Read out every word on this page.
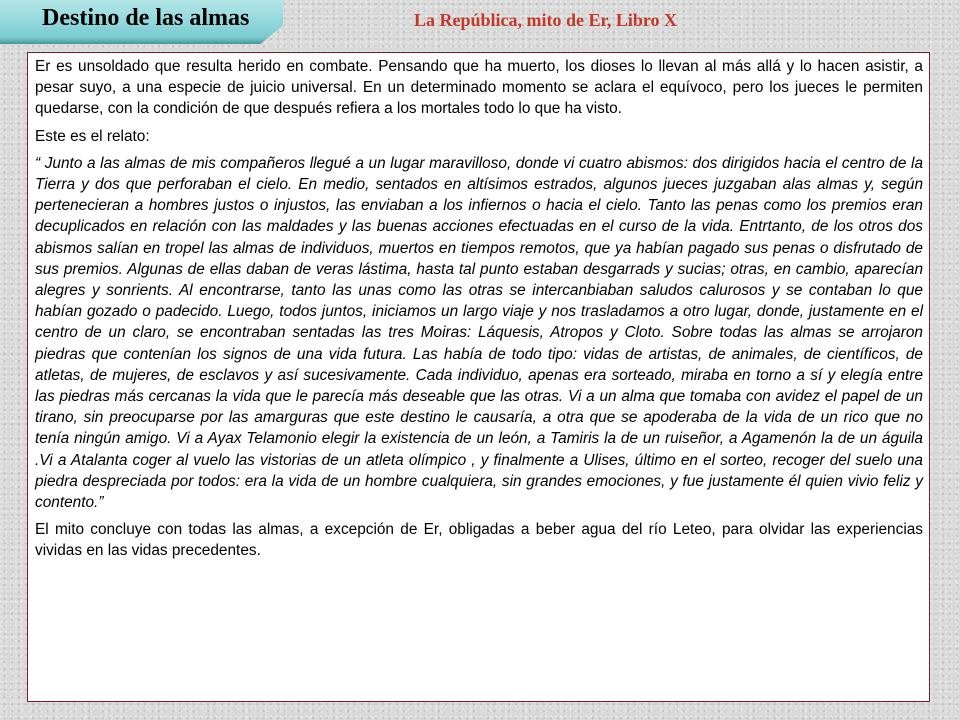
Destino de las almas	La República, mito de Er, Libro X

Er es unsoldado que resulta herido en combate. Pensando que ha muerto, los dioses lo llevan al más allá y lo hacen asistir, a pesar suyo, a una especie de juicio universal. En un determinado momento se aclara el equívoco, pero los jueces le permiten quedarse, con la condición de que después refiera a los mortales todo lo que ha visto.

Este es el relato:

“ Junto a las almas de mis compañeros llegué a un lugar maravilloso, donde vi cuatro abismos: dos dirigidos hacia el centro de la Tierra y dos que perforaban el cielo. En medio, sentados en altísimos estrados, algunos jueces juzgaban alas almas y, según pertenecieran a hombres justos o injustos, las enviaban a los infiernos o hacia el cielo. Tanto las penas como los premios eran decuplicados en relación con las maldades y las buenas acciones efectuadas en el curso de la vida. Entrtanto, de los otros dos abismos salían en tropel las almas de individuos, muertos en tiempos remotos, que ya habían pagado sus penas o disfrutado de sus premios. Algunas de ellas daban de veras lástima, hasta tal punto estaban desgarrads y sucias; otras, en cambio, aparecían alegres y sonrients. Al encontrarse, tanto las unas como las otras se intercanbiaban saludos calurosos y se contaban lo que habían gozado o padecido. Luego, todos juntos, iniciamos un largo viaje y nos trasladamos a otro lugar, donde, justamente en el centro de un claro, se encontraban sentadas las tres Moiras: Láquesis, Atropos y Cloto. Sobre todas las almas se arrojaron piedras que contenían los signos de una vida futura. Las había de todo tipo: vidas de artistas, de animales, de científicos, de atletas, de mujeres, de esclavos y así sucesivamente. Cada individuo, apenas era sorteado, miraba en torno a sí y elegía entre las piedras más cercanas la vida que le parecía más deseable que las otras. Vi a un alma que tomaba con avidez el papel de un tirano, sin preocuparse por las amarguras que este destino le causaría, a otra que se apoderaba de la vida de un rico que no tenía ningún amigo. Vi a Ayax Telamonio elegir la existencia de un león, a Tamiris la de un ruiseñor, a Agamenón la de un águila .Vi a Atalanta coger al vuelo las vistorias de un atleta olímpico , y finalmente a Ulises, último en el sorteo, recoger del suelo una piedra despreciada por todos: era la vida de un hombre cualquiera, sin grandes emociones, y fue justamente él quien vivio feliz y contento.”

El mito concluye con todas las almas, a excepción de Er, obligadas a beber agua del río Leteo, para olvidar las experiencias vividas en las vidas precedentes.
